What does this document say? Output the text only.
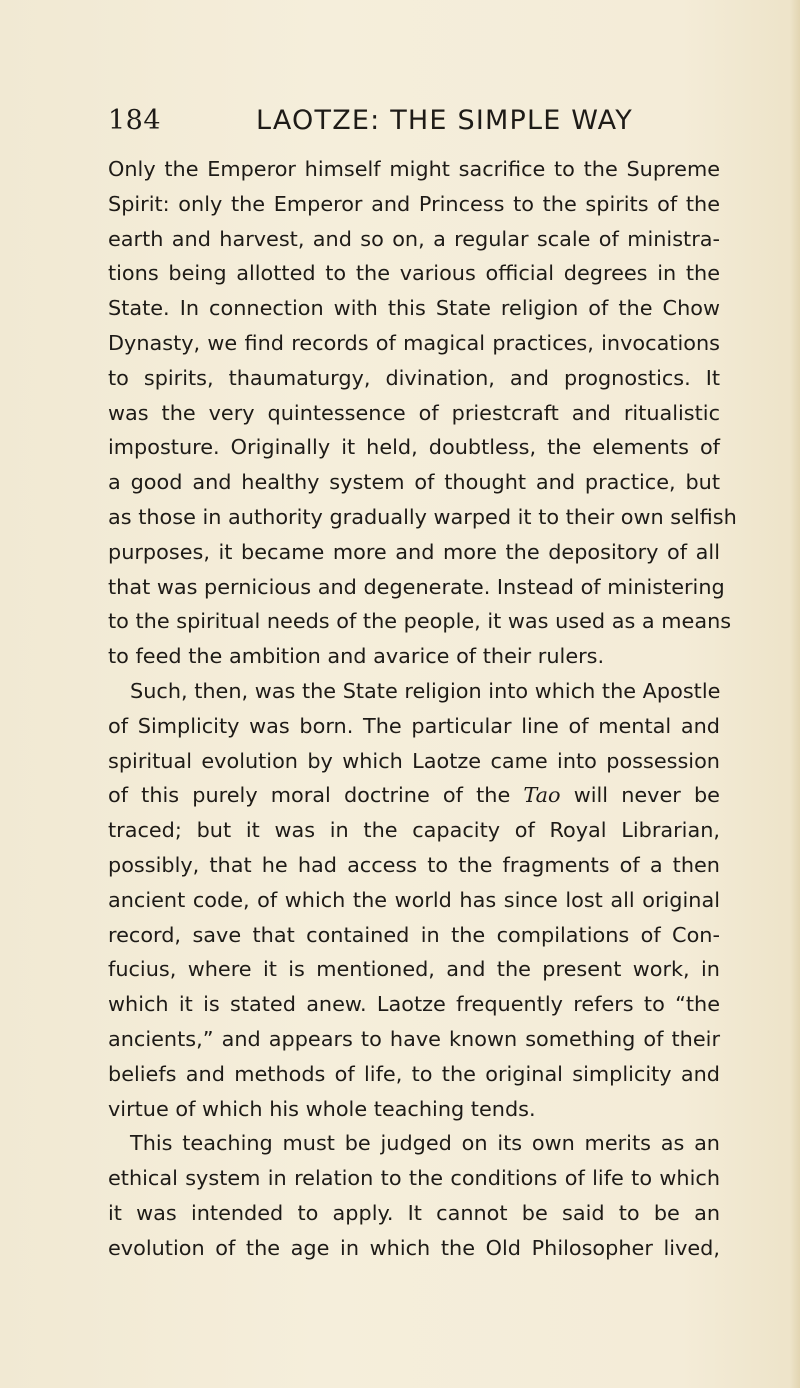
184	LAOTZE: THE SIMPLE WAY
Only the Emperor himself might sacrifice to the Supreme
Spirit: only the Emperor and Princess to the spirits of the
earth and harvest, and so on, a regular scale of ministra-
tions being allotted to the various official degrees in the
State. In connection with this State religion of the Chow
Dynasty, we find records of magical practices, invocations
to spirits, thaumaturgy, divination, and prognostics. It
was the very quintessence of priestcraft and ritualistic
imposture. Originally it held, doubtless, the elements of
a good and healthy system of thought and practice, but
as those in authority gradually warped it to their own selfish
purposes, it became more and more the depository of all
that was pernicious and degenerate. Instead of ministering
to the spiritual needs of the people, it was used as a means
to feed the ambition and avarice of their rulers.
Such, then, was the State religion into which the Apostle
of Simplicity was born. The particular line of mental and
spiritual evolution by which Laotze came into possession
of this purely moral doctrine of the Tao will never be
traced; but it was in the capacity of Royal Librarian,
possibly, that he had access to the fragments of a then
ancient code, of which the world has since lost all original
record, save that contained in the compilations of Con-
fucius, where it is mentioned, and the present work, in
which it is stated anew. Laotze frequently refers to “the
ancients,” and appears to have known something of their
beliefs and methods of life, to the original simplicity and
virtue of which his whole teaching tends.
This teaching must be judged on its own merits as an
ethical system in relation to the conditions of life to which
it was intended to apply. It cannot be said to be an
evolution of the age in which the Old Philosopher lived,
